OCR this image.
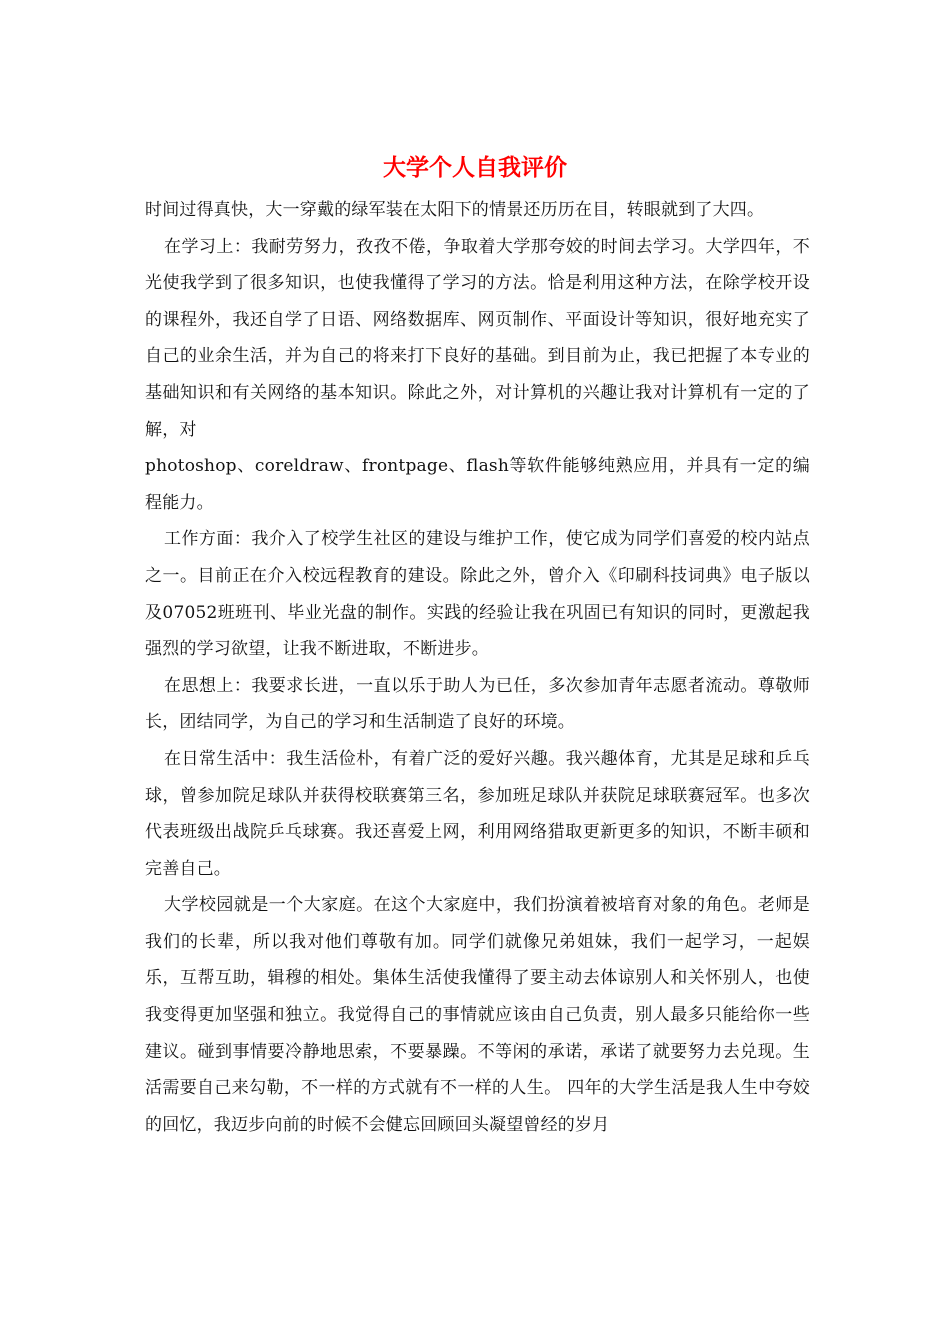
大学个人自我评价

时间过得真快，大一穿戴的绿军装在太阳下的情景还历历在目，转眼就到了大四。

在学习上：我耐劳努力，孜孜不倦，争取着大学那夸姣的时间去学习。大学四年，不光使我学到了很多知识，也使我懂得了学习的方法。恰是利用这种方法，在除学校开设的课程外，我还自学了日语、网络数据库、网页制作、平面设计等知识，很好地充实了自己的业余生活，并为自己的将来打下良好的基础。到目前为止，我已把握了本专业的基础知识和有关网络的基本知识。除此之外，对计算机的兴趣让我对计算机有一定的了解，对

photoshop、coreldraw、frontpage、flash等软件能够纯熟应用，并具有一定的编程能力。

工作方面：我介入了校学生社区的建设与维护工作，使它成为同学们喜爱的校内站点之一。目前正在介入校远程教育的建设。除此之外，曾介入《印刷科技词典》电子版以及07052班班刊、毕业光盘的制作。实践的经验让我在巩固已有知识的同时，更激起我强烈的学习欲望，让我不断进取，不断进步。

在思想上：我要求长进，一直以乐于助人为已任，多次参加青年志愿者流动。尊敬师长，团结同学，为自己的学习和生活制造了良好的环境。

在日常生活中：我生活俭朴，有着广泛的爱好兴趣。我兴趣体育，尤其是足球和乒乓球，曾参加院足球队并获得校联赛第三名，参加班足球队并获院足球联赛冠军。也多次代表班级出战院乒乓球赛。我还喜爱上网，利用网络猎取更新更多的知识，不断丰硕和完善自己。

大学校园就是一个大家庭。在这个大家庭中，我们扮演着被培育对象的角色。老师是我们的长辈，所以我对他们尊敬有加。同学们就像兄弟姐妹，我们一起学习，一起娱乐，互帮互助，辑穆的相处。集体生活使我懂得了要主动去体谅别人和关怀别人，也使我变得更加坚强和独立。我觉得自己的事情就应该由自己负责，别人最多只能给你一些建议。碰到事情要冷静地思索，不要暴躁。不等闲的承诺，承诺了就要努力去兑现。生活需要自己来勾勒，不一样的方式就有不一样的人生。 四年的大学生活是我人生中夸姣的回忆，我迈步向前的时候不会健忘回顾回头凝望曾经的岁月
